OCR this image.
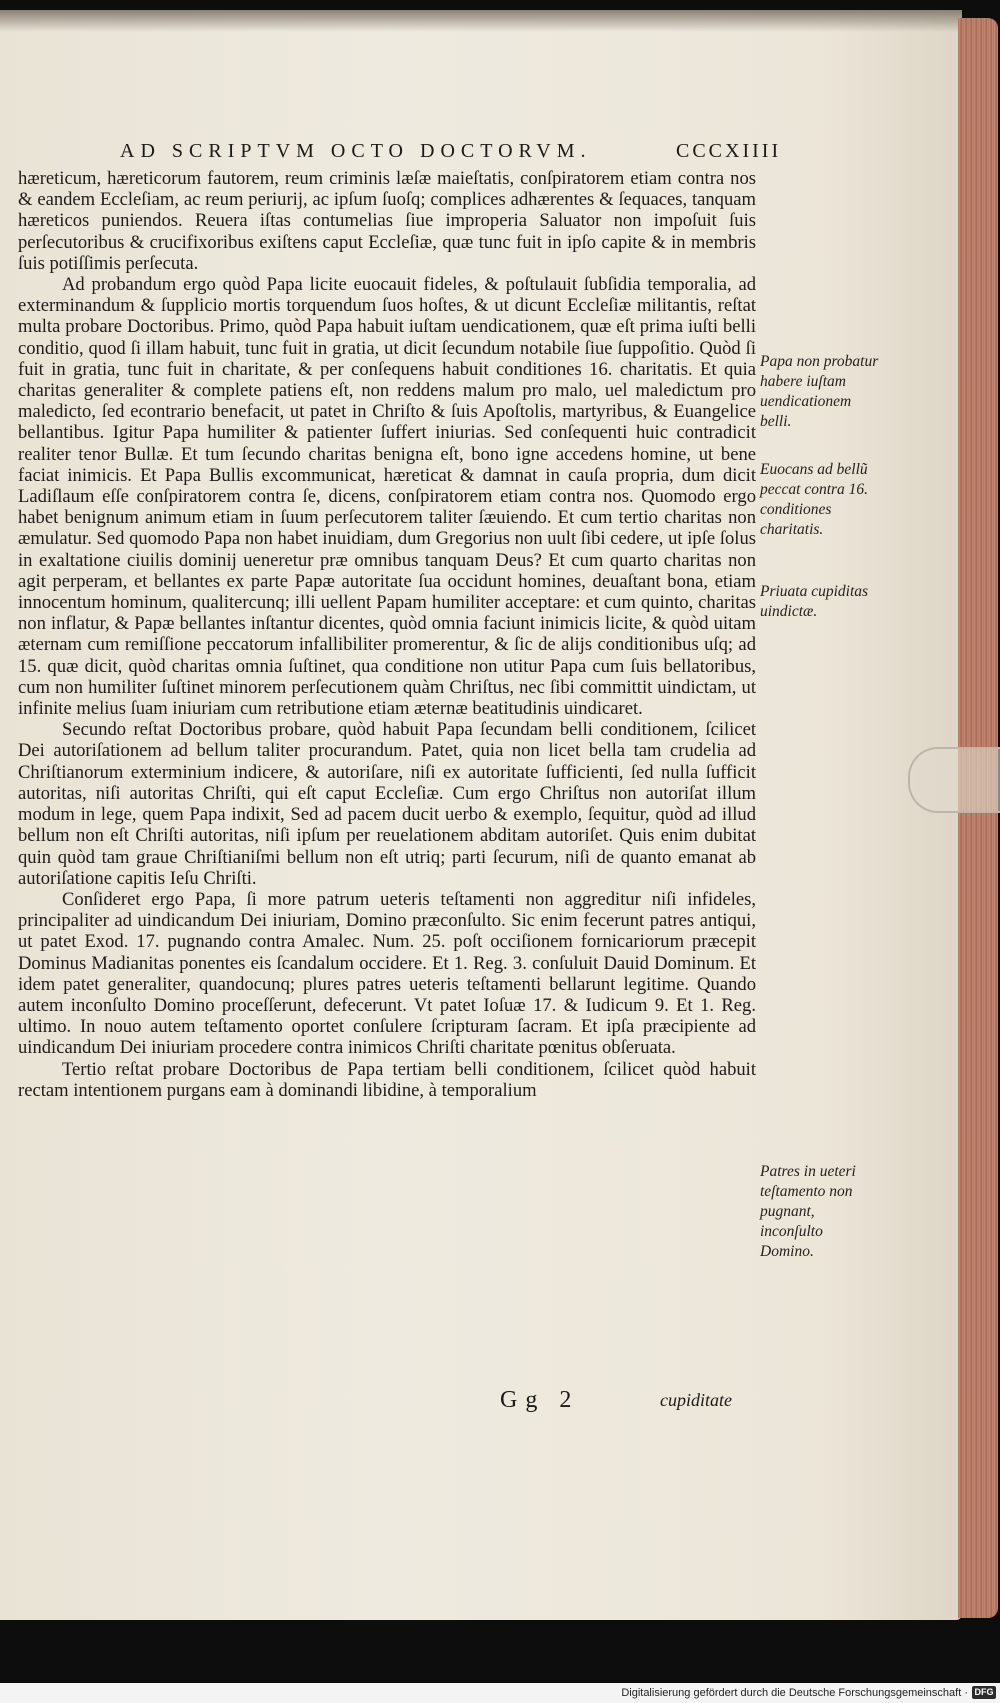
AD SCRIPTVM OCTO DOCTORVM.	CCCXIIII

hæreticum, hæreticorum fautorem, reum criminis læſæ maieſtatis, conſpiratorem etiam contra nos & eandem Eccleſiam, ac reum periurij, ac ipſum ſuoſq; complices adhærentes & ſequaces, tanquam hæreticos puniendos. Reuera iſtas contumelias ſiue improperia Saluator non impoſuit ſuis perſecutoribus & crucifixoribus exiſtens caput Eccleſiæ, quæ tunc fuit in ipſo capite & in membris ſuis potiſſimis perſecuta.

Ad probandum ergo quòd Papa licite euocauit fideles, & poſtulauit ſubſidia temporalia, ad exterminandum & ſupplicio mortis torquendum ſuos hoſtes, & ut dicunt Eccleſiæ militantis, reſtat multa probare Doctoribus. Primo, quòd Papa habuit iuſtam uendicationem, quæ eſt prima iuſti belli conditio, quod ſi illam habuit, tunc fuit in gratia, ut dicit ſecundum notabile ſiue ſuppoſitio. Quòd ſi fuit in gratia, tunc fuit in charitate, & per conſequens habuit conditiones 16. charitatis. Et quia charitas generaliter & complete patiens eſt, non reddens malum pro malo, uel maledictum pro maledicto, ſed econtrario benefacit, ut patet in Chriſto & ſuis Apoſtolis, martyribus, & Euangelice bellantibus. Igitur Papa humiliter & patienter ſuffert iniurias. Sed conſequenti huic contradicit realiter tenor Bullæ. Et tum ſecundo charitas benigna eſt, bono igne accedens homine, ut bene faciat inimicis. Et Papa Bullis excommunicat, hæreticat & damnat in cauſa propria, dum dicit Ladiſlaum eſſe conſpiratorem contra ſe, dicens, conſpiratorem etiam contra nos. Quomodo ergo habet benignum animum etiam in ſuum perſecutorem taliter ſæuiendo. Et cum tertio charitas non æmulatur. Sed quomodo Papa non habet inuidiam, dum Gregorius non uult ſibi cedere, ut ipſe ſolus in exaltatione ciuilis dominij ueneretur præ omnibus tanquam Deus? Et cum quarto charitas non agit perperam, et bellantes ex parte Papæ autoritate ſua occidunt homines, deuaſtant bona, etiam innocentum hominum, qualitercunq; illi uellent Papam humiliter acceptare: et cum quinto, charitas non inflatur, & Papæ bellantes inſtantur dicentes, quòd omnia faciunt inimicis licite, & quòd uitam æternam cum remiſſione peccatorum infallibiliter promerentur, & ſic de alijs conditionibus uſq; ad 15. quæ dicit, quòd charitas omnia ſuſtinet, qua conditione non utitur Papa cum ſuis bellatoribus, cum non humiliter ſuſtinet minorem perſecutionem quàm Chriſtus, nec ſibi committit uindictam, ut infinite melius ſuam iniuriam cum retributione etiam æternæ beatitudinis uindicaret.

Secundo reſtat Doctoribus probare, quòd habuit Papa ſecundam belli conditionem, ſcilicet Dei autoriſationem ad bellum taliter procurandum. Patet, quia non licet bella tam crudelia ad Chriſtianorum exterminium indicere, & autoriſare, niſi ex autoritate ſufficienti, ſed nulla ſufficit autoritas, niſi autoritas Chriſti, qui eſt caput Eccleſiæ. Cum ergo Chriſtus non autoriſat illum modum in lege, quem Papa indixit, Sed ad pacem ducit uerbo & exemplo, ſequitur, quòd ad illud bellum non eſt Chriſti autoritas, niſi ipſum per reuelationem abditam autoriſet. Quis enim dubitat quin quòd tam graue Chriſtianiſmi bellum non eſt utriq; parti ſecurum, niſi de quanto emanat ab autoriſatione capitis Ieſu Chriſti.

Conſideret ergo Papa, ſi more patrum ueteris teſtamenti non aggreditur niſi infideles, principaliter ad uindicandum Dei iniuriam, Domino præconſulto. Sic enim fecerunt patres antiqui, ut patet Exod. 17. pugnando contra Amalec. Num. 25. poſt occiſionem fornicariorum præcepit Dominus Madianitas ponentes eis ſcandalum occidere. Et 1. Reg. 3. conſuluit Dauid Dominum. Et idem patet generaliter, quandocunq; plures patres ueteris teſtamenti bellarunt legitime. Quando autem inconſulto Domino proceſſerunt, defecerunt. Vt patet Ioſuæ 17. & Iudicum 9. Et 1. Reg. ultimo. In nouo autem teſtamento oportet conſulere ſcripturam ſacram. Et ipſa præcipiente ad uindicandum Dei iniuriam procedere contra inimicos Chriſti charitate pœnitus obſeruata.

Tertio reſtat probare Doctoribus de Papa tertiam belli conditionem, ſcilicet quòd habuit rectam intentionem purgans eam à dominandi libidine, à temporalium

Papa non probatur habere iuſtam uendicationem belli.
Euocans ad bellũ peccat contra 16. conditiones charitatis.
Priuata cupiditas uindictæ.
Patres in ueteri teſtamento non pugnant, inconſulto Domino.
Gg 2	cupiditate
Digitalisierung gefördert durch die Deutsche Forschungsgemeinschaft · DFG
